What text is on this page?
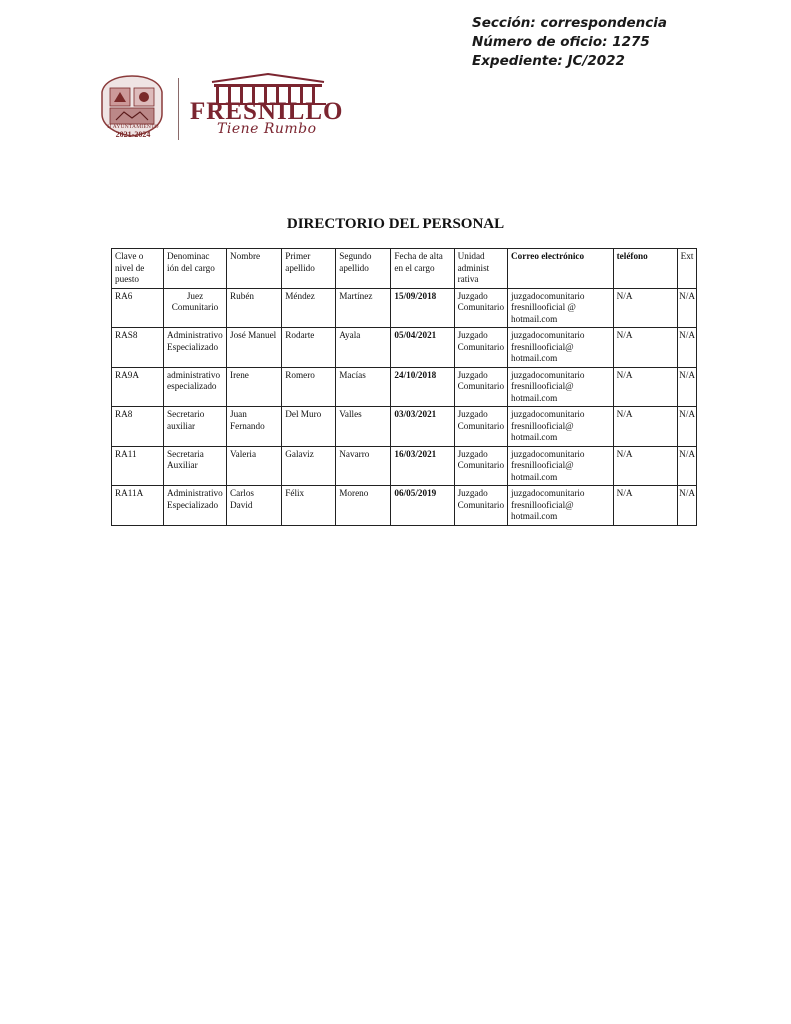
Sección: correspondencia
Número de oficio: 1275
Expediente: JC/2022
H AYUNTAMIENTO
2021-2024
FRESNILLO
Tiene Rumbo
DIRECTORIO DEL PERSONAL
Clave o nivel de puesto	Denominac ión del cargo	Nombre	Primer apellido	Segundo apellido	Fecha de alta en el cargo	Unidad administ rativa	Correo electrónico	teléfono	Ext
RA6	Juez Comunitario	Rubén	Méndez	Martínez	15/09/2018	Juzgado Comunitario	juzgadocomunitario fresnillooficial @ hotmail.com	N/A	N/A
RAS8	Administrativo Especializado	José Manuel	Rodarte	Ayala	05/04/2021	Juzgado Comunitario	juzgadocomunitario fresnillooficial@ hotmail.com	N/A	N/A
RA9A	administrativo especializado	Irene	Romero	Macías	24/10/2018	Juzgado Comunitario	juzgadocomunitario fresnillooficial@ hotmail.com	N/A	N/A
RA8	Secretario auxiliar	Juan Fernando	Del Muro	Valles	03/03/2021	Juzgado Comunitario	juzgadocomunitario fresnillooficial@ hotmail.com	N/A	N/A
RA11	Secretaria Auxiliar	Valeria	Galaviz	Navarro	16/03/2021	Juzgado Comunitario	juzgadocomunitario fresnillooficial@ hotmail.com	N/A	N/A
RA11A	Administrativo Especializado	Carlos David	Félix	Moreno	06/05/2019	Juzgado Comunitario	juzgadocomunitario fresnillooficial@ hotmail.com	N/A	N/A
